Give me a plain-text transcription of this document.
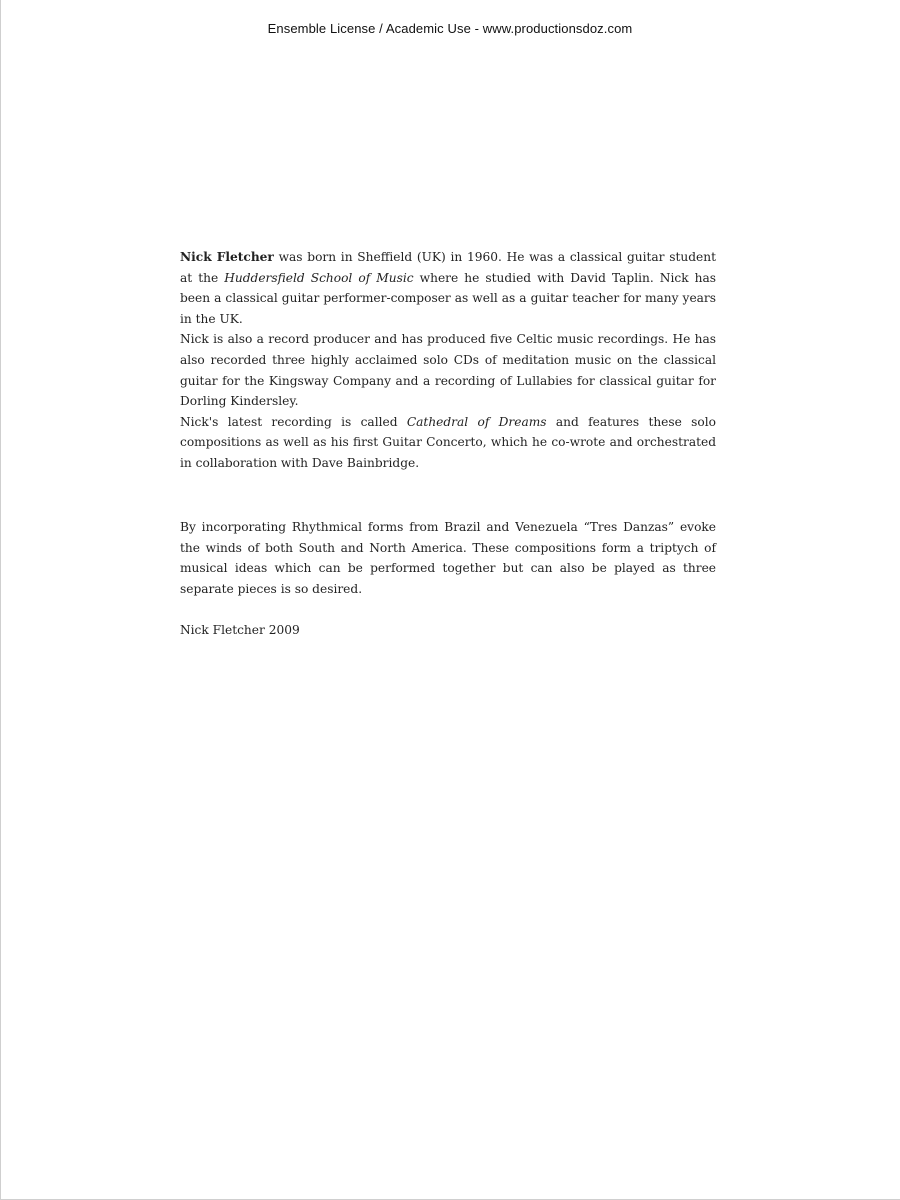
Ensemble License / Academic Use - www.productionsdoz.com

Nick Fletcher was born in Sheffield (UK) in 1960. He was a classical guitar student at the Huddersfield School of Music where he studied with David Taplin. Nick has been a classical guitar performer-composer as well as a guitar teacher for many years in the UK.

Nick is also a record producer and has produced five Celtic music recordings. He has also recorded three highly acclaimed solo CDs of meditation music on the classical guitar for the Kingsway Company and a recording of Lullabies for classical guitar for Dorling Kindersley.

Nick's latest recording is called Cathedral of Dreams and features these solo compositions as well as his first Guitar Concerto, which he co-wrote and orchestrated in collaboration with Dave Bainbridge.

By incorporating Rhythmical forms from Brazil and Venezuela “Tres Danzas” evoke the winds of both South and North America. These compositions form a triptych of musical ideas which can be performed together but can also be played as three separate pieces is so desired.

Nick Fletcher 2009
